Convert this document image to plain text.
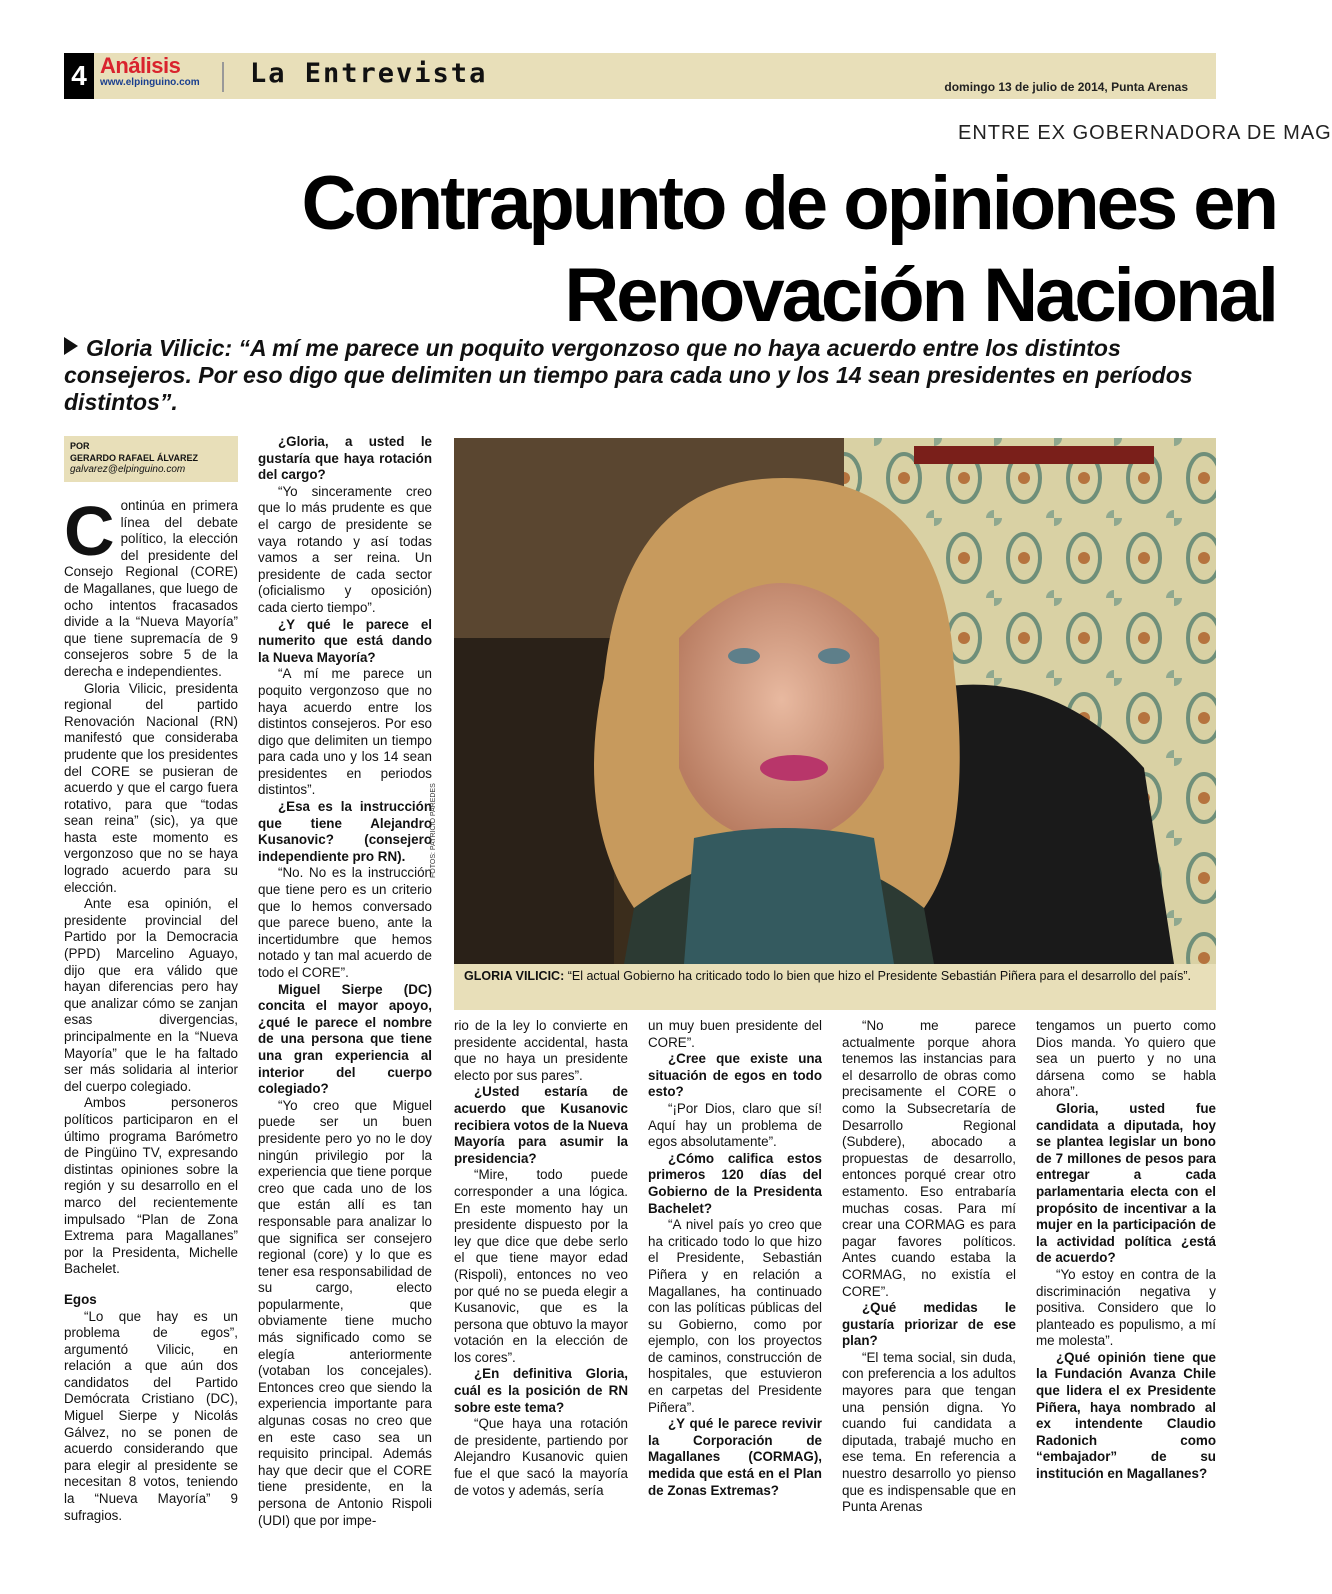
4 Análisis
www.elpinguino.com La Entrevista	domingo 13 de julio de 2014, Punta Arenas
ENTRE EX GOBERNADORA DE MAG
Contrapunto de opiniones en
Renovación Nacional
Gloria Vilicic: “A mí me parece un poquito vergonzoso que no haya acuerdo entre los distintos consejeros. Por eso digo que delimiten un tiempo para cada uno y los 14 sean presidentes en períodos distintos”.
POR
GERARDO RAFAEL ÁLVAREZ
galvarez@elpinguino.com

Continúa en primera línea del debate político, la elección del presidente del Consejo Regional (CORE) de Magallanes, que luego de ocho intentos fracasados divide a la “Nueva Mayoría” que tiene supremacía de 9 consejeros sobre 5 de la derecha e independientes.

Gloria Vilicic, presidenta regional del partido Renovación Nacional (RN) manifestó que consideraba prudente que los presidentes del CORE se pusieran de acuerdo y que el cargo fuera rotativo, para que “todas sean reina” (sic), ya que hasta este momento es vergonzoso que no se haya logrado acuerdo para su elección.

Ante esa opinión, el presidente provincial del Partido por la Democracia (PPD) Marcelino Aguayo, dijo que era válido que hayan diferencias pero hay que analizar cómo se zanjan esas divergencias, principalmente en la “Nueva Mayoría” que le ha faltado ser más solidaria al interior del cuerpo colegiado.

Ambos personeros políticos participaron en el último programa Barómetro de Pingüino TV, expresando distintas opiniones sobre la región y su desarrollo en el marco del recientemente impulsado “Plan de Zona Extrema para Magallanes” por la Presidenta, Michelle Bachelet.

Egos

“Lo que hay es un problema de egos”, argumentó Vilicic, en relación a que aún dos candidatos del Partido Demócrata Cristiano (DC), Miguel Sierpe y Nicolás Gálvez, no se ponen de acuerdo considerando que para elegir al presidente se necesitan 8 votos, teniendo la “Nueva Mayoría” 9 sufragios.

¿Gloria, a usted le gustaría que haya rotación del cargo?

“Yo sinceramente creo que lo más prudente es que el cargo de presidente se vaya rotando y así todas vamos a ser reina. Un presidente de cada sector (oficialismo y oposición) cada cierto tiempo”.

¿Y qué le parece el numerito que está dando la Nueva Mayoría?

“A mí me parece un poquito vergonzoso que no haya acuerdo entre los distintos consejeros. Por eso digo que delimiten un tiempo para cada uno y los 14 sean presidentes en periodos distintos”.

¿Esa es la instrucción que tiene Alejandro Kusanovic? (consejero independiente pro RN).

“No. No es la instrucción que tiene pero es un criterio que lo hemos conversado que parece bueno, ante la incertidumbre que hemos notado y tan mal acuerdo de todo el CORE”.

Miguel Sierpe (DC) concita el mayor apoyo, ¿qué le parece el nombre de una persona que tiene una gran experiencia al interior del cuerpo colegiado?

“Yo creo que Miguel puede ser un buen presidente pero yo no le doy ningún privilegio por la experiencia que tiene porque creo que cada uno de los que están allí es tan responsable para analizar lo que significa ser consejero regional (core) y lo que es tener esa responsabilidad de su cargo, electo popularmente, que obviamente tiene mucho más significado como se elegía anteriormente (votaban los concejales). Entonces creo que siendo la experiencia importante para algunas cosas no creo que en este caso sea un requisito principal. Además hay que decir que el CORE tiene presidente, en la persona de Antonio Rispoli (UDI) que por impe-

FOTOS: PATRICIO PAREDES
GLORIA VILICIC: “El actual Gobierno ha criticado todo lo bien que hizo el Presidente Sebastián Piñera para el desarrollo del país”.

rio de la ley lo convierte en presidente accidental, hasta que no haya un presidente electo por sus pares”.

¿Usted estaría de acuerdo que Kusanovic recibiera votos de la Nueva Mayoría para asumir la presidencia?

“Mire, todo puede corresponder a una lógica. En este momento hay un presidente dispuesto por la ley que dice que debe serlo el que tiene mayor edad (Rispoli), entonces no veo por qué no se pueda elegir a Kusanovic, que es la persona que obtuvo la mayor votación en la elección de los cores”.

¿En definitiva Gloria, cuál es la posición de RN sobre este tema?

“Que haya una rotación de presidente, partiendo por Alejandro Kusanovic quien fue el que sacó la mayoría de votos y además, sería

un muy buen presidente del CORE”.

¿Cree que existe una situación de egos en todo esto?

“¡Por Dios, claro que sí! Aquí hay un problema de egos absolutamente”.

¿Cómo califica estos primeros 120 días del Gobierno de la Presidenta Bachelet?

“A nivel país yo creo que ha criticado todo lo que hizo el Presidente, Sebastián Piñera y en relación a Magallanes, ha continuado con las políticas públicas del su Gobierno, como por ejemplo, con los proyectos de caminos, construcción de hospitales, que estuvieron en carpetas del Presidente Piñera”.

¿Y qué le parece revivir la Corporación de Magallanes (CORMAG), medida que está en el Plan de Zonas Extremas?

“No me parece actualmente porque ahora tenemos las instancias para el desarrollo de obras como precisamente el CORE o como la Subsecretaría de Desarrollo Regional (Subdere), abocado a propuestas de desarrollo, entonces porqué crear otro estamento. Eso entrabaría muchas cosas. Para mí crear una CORMAG es para pagar favores políticos. Antes cuando estaba la CORMAG, no existía el CORE”.

¿Qué medidas le gustaría priorizar de ese plan?

“El tema social, sin duda, con preferencia a los adultos mayores para que tengan una pensión digna. Yo cuando fui candidata a diputada, trabajé mucho en ese tema. En referencia a nuestro desarrollo yo pienso que es indispensable que en Punta Arenas

tengamos un puerto como Dios manda. Yo quiero que sea un puerto y no una dársena como se habla ahora”.

Gloria, usted fue candidata a diputada, hoy se plantea legislar un bono de 7 millones de pesos para entregar a cada parlamentaria electa con el propósito de incentivar a la mujer en la participación de la actividad política ¿está de acuerdo?

“Yo estoy en contra de la discriminación negativa y positiva. Considero que lo planteado es populismo, a mí me molesta”.

¿Qué opinión tiene que la Fundación Avanza Chile que lidera el ex Presidente Piñera, haya nombrado al ex intendente Claudio Radonich como “embajador” de su institución en Magallanes?
